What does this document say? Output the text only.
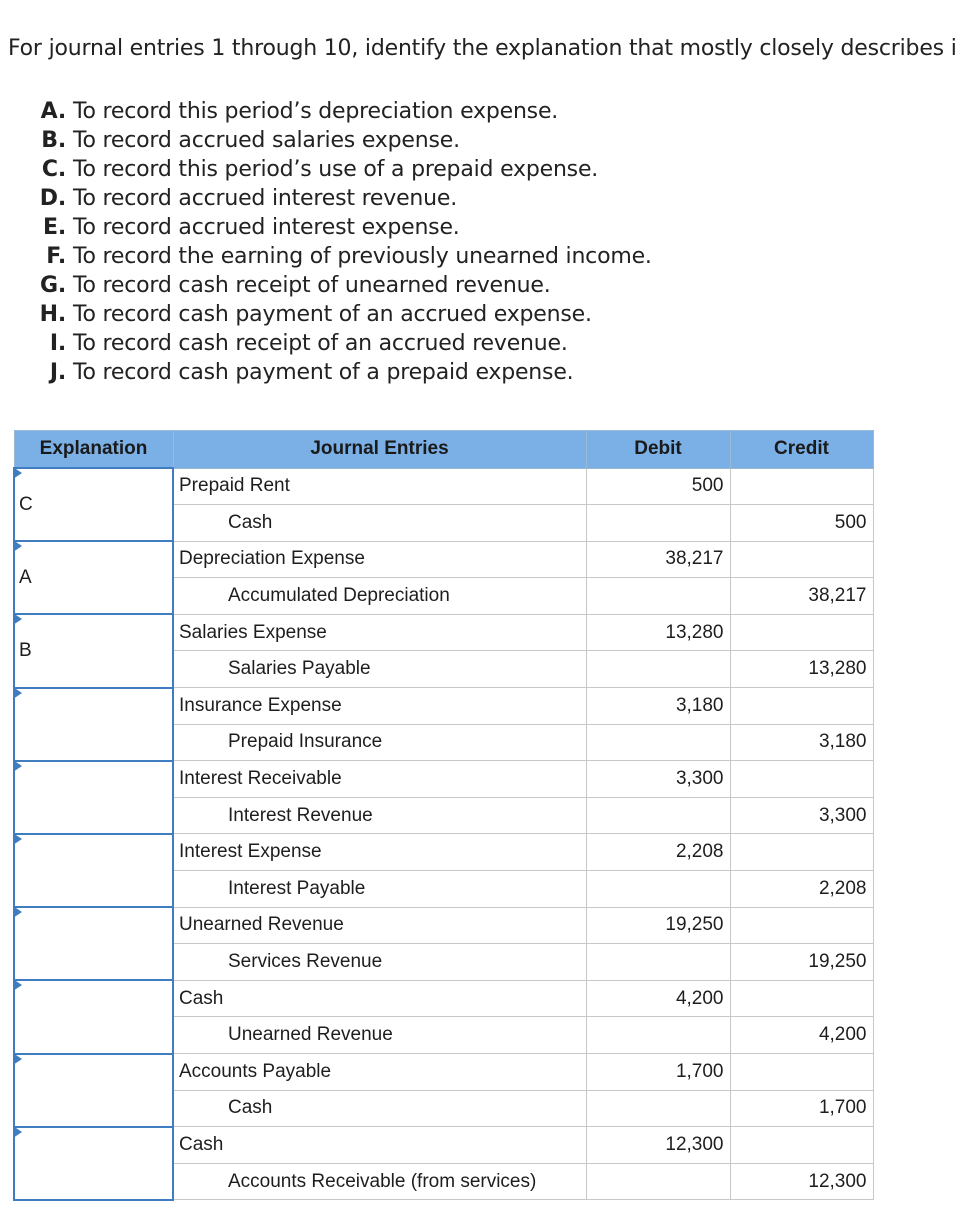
For journal entries 1 through 10, identify the explanation that mostly closely describes i
A. To record this period’s depreciation expense.
B. To record accrued salaries expense.
C. To record this period’s use of a prepaid expense.
D. To record accrued interest revenue.
E. To record accrued interest expense.
F. To record the earning of previously unearned income.
G. To record cash receipt of unearned revenue.
H. To record cash payment of an accrued expense.
I. To record cash receipt of an accrued revenue.
J. To record cash payment of a prepaid expense.
Explanation	Journal Entries	Debit	Credit

C	Prepaid Rent	500	
	Cash		500

A	Depreciation Expense	38,217	
	Accumulated Depreciation		38,217

B	Salaries Expense	13,280	
	Salaries Payable		13,280

	Insurance Expense	3,180	
	Prepaid Insurance		3,180

	Interest Receivable	3,300	
	Interest Revenue		3,300

	Interest Expense	2,208	
	Interest Payable		2,208

	Unearned Revenue	19,250	
	Services Revenue		19,250

	Cash	4,200	
	Unearned Revenue		4,200

	Accounts Payable	1,700	
	Cash		1,700

	Cash	12,300	
	Accounts Receivable (from services)		12,300
